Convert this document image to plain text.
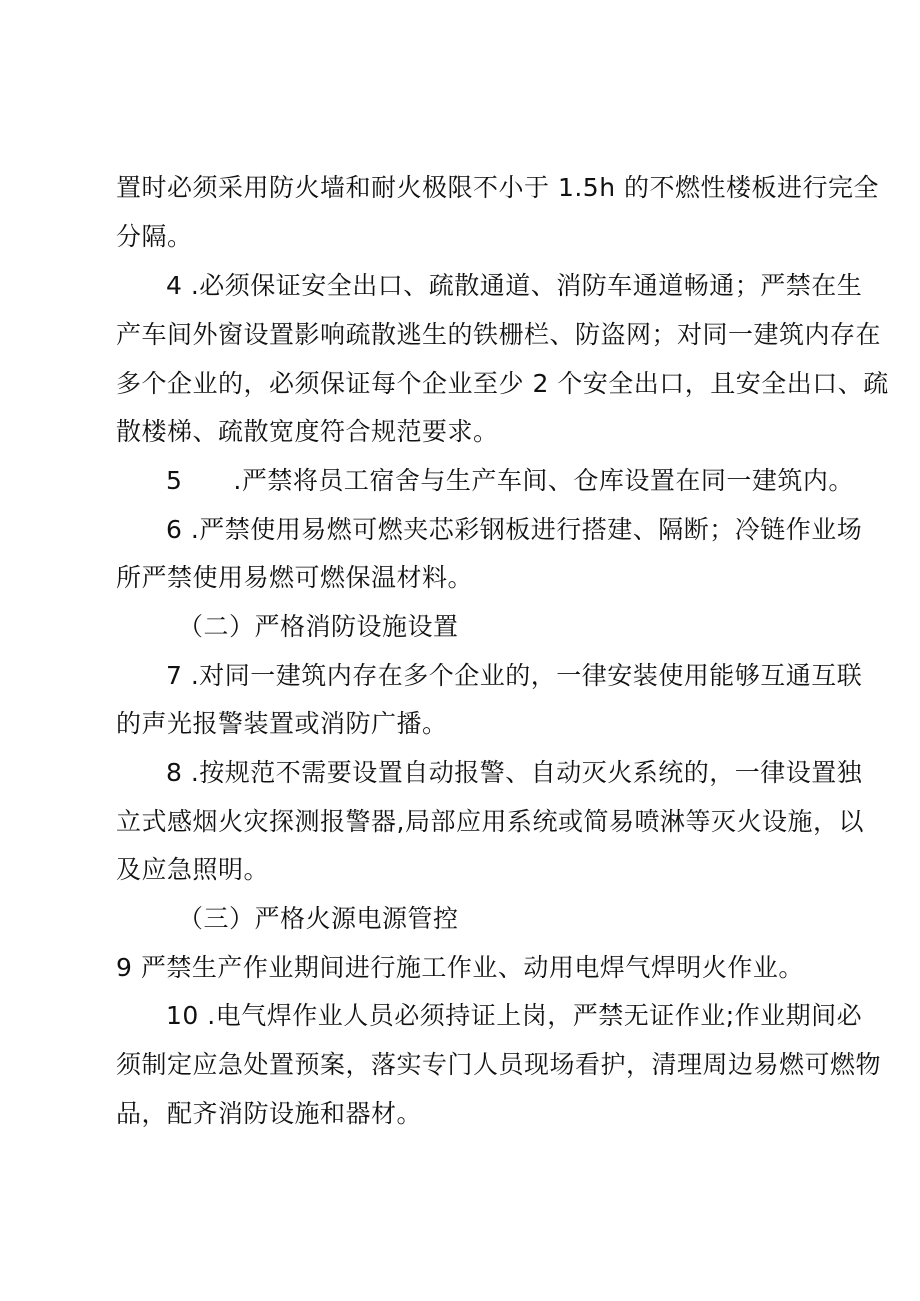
置时必须采用防火墙和耐火极限不小于 1.5h 的不燃性楼板进行完全
分隔。
4 .必须保证安全出口、疏散通道、消防车通道畅通；严禁在生
产车间外窗设置影响疏散逃生的铁栅栏、防盗网；对同一建筑内存在
多个企业的，必须保证每个企业至少 2 个安全出口，且安全出口、疏
散楼梯、疏散宽度符合规范要求。
5　　.严禁将员工宿舍与生产车间、仓库设置在同一建筑内。
6 .严禁使用易燃可燃夹芯彩钢板进行搭建、隔断；冷链作业场
所严禁使用易燃可燃保温材料。
（二）严格消防设施设置
7 .对同一建筑内存在多个企业的，一律安装使用能够互通互联
的声光报警装置或消防广播。
8 .按规范不需要设置自动报警、自动灭火系统的，一律设置独
立式感烟火灾探测报警器,局部应用系统或简易喷淋等灭火设施，以
及应急照明。
（三）严格火源电源管控
9 严禁生产作业期间进行施工作业、动用电焊气焊明火作业。
10 .电气焊作业人员必须持证上岗，严禁无证作业;作业期间必
须制定应急处置预案，落实专门人员现场看护，清理周边易燃可燃物
品，配齐消防设施和器材。
